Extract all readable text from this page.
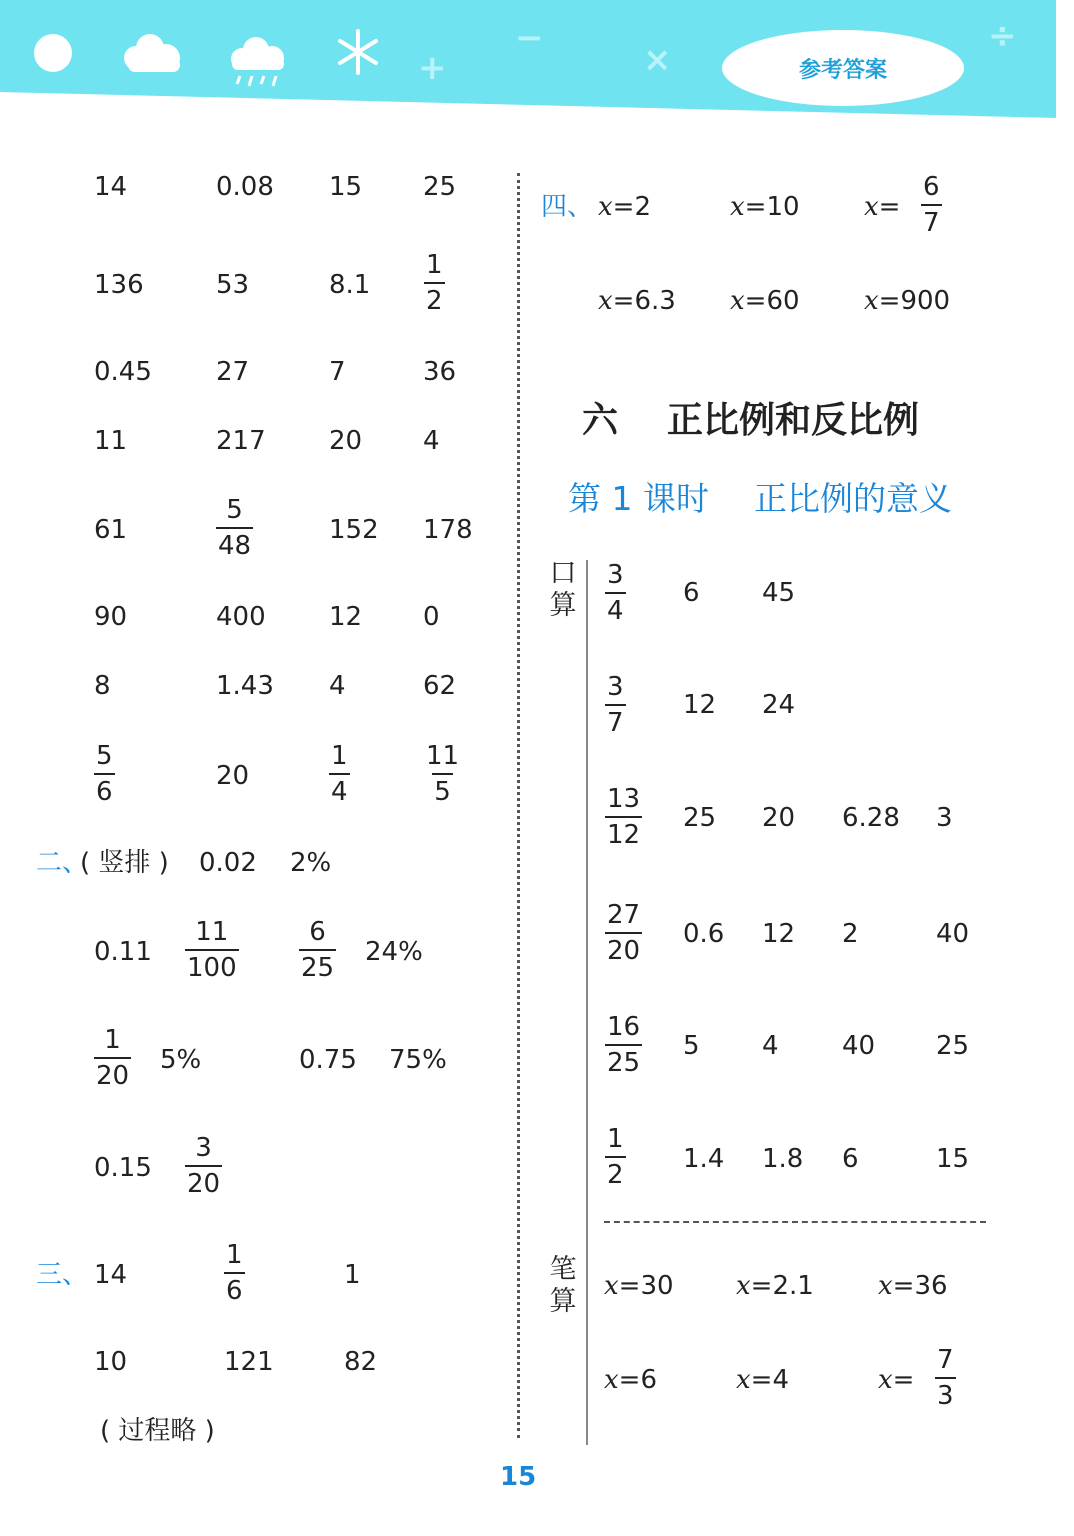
+
−
×
÷
参考答案
14	0.08 15 25
136	53	$8.1 \frac{1}{2}$
0.45 27	7	36
11	217 20 4
61	$\frac{5}{48}$	152 178
90	400 12 0
8	1.43 4	62
$\frac{5}{6}$	20	$\frac{1}{4}$	$\frac{11}{5}$
二、
( 竖排 ) 0.02 2%
$0.11 \frac{11}{100} \frac{6}{25} 24\%$
$\frac{1}{20} 5\%$	0.75 75%
$0.15 \frac{3}{20}$
三、 14	$\frac{1}{6}$	1
10	121	82
( 过程略 )
四、 x=2	x=10 $x= \frac{6}{7}$
x=6.3 x=60 x=900
六 正比例和反比例
第 1 课时 正比例的意义
口
算 $\frac{3}{4} 6$ 45
$\frac{3}{7} 12$ 24
$\frac{13}{12} 25$ 20 6.28 3
$\frac{27}{20} 0.6$ 12 2	40
$\frac{16}{25} 5$ 4 40 25
$\frac{1}{2} 1.4$ 1.8 6	15
笔
算 x=30 x=2.1 x=36
x=6	x=4	$x= \frac{7}{3}$
15
